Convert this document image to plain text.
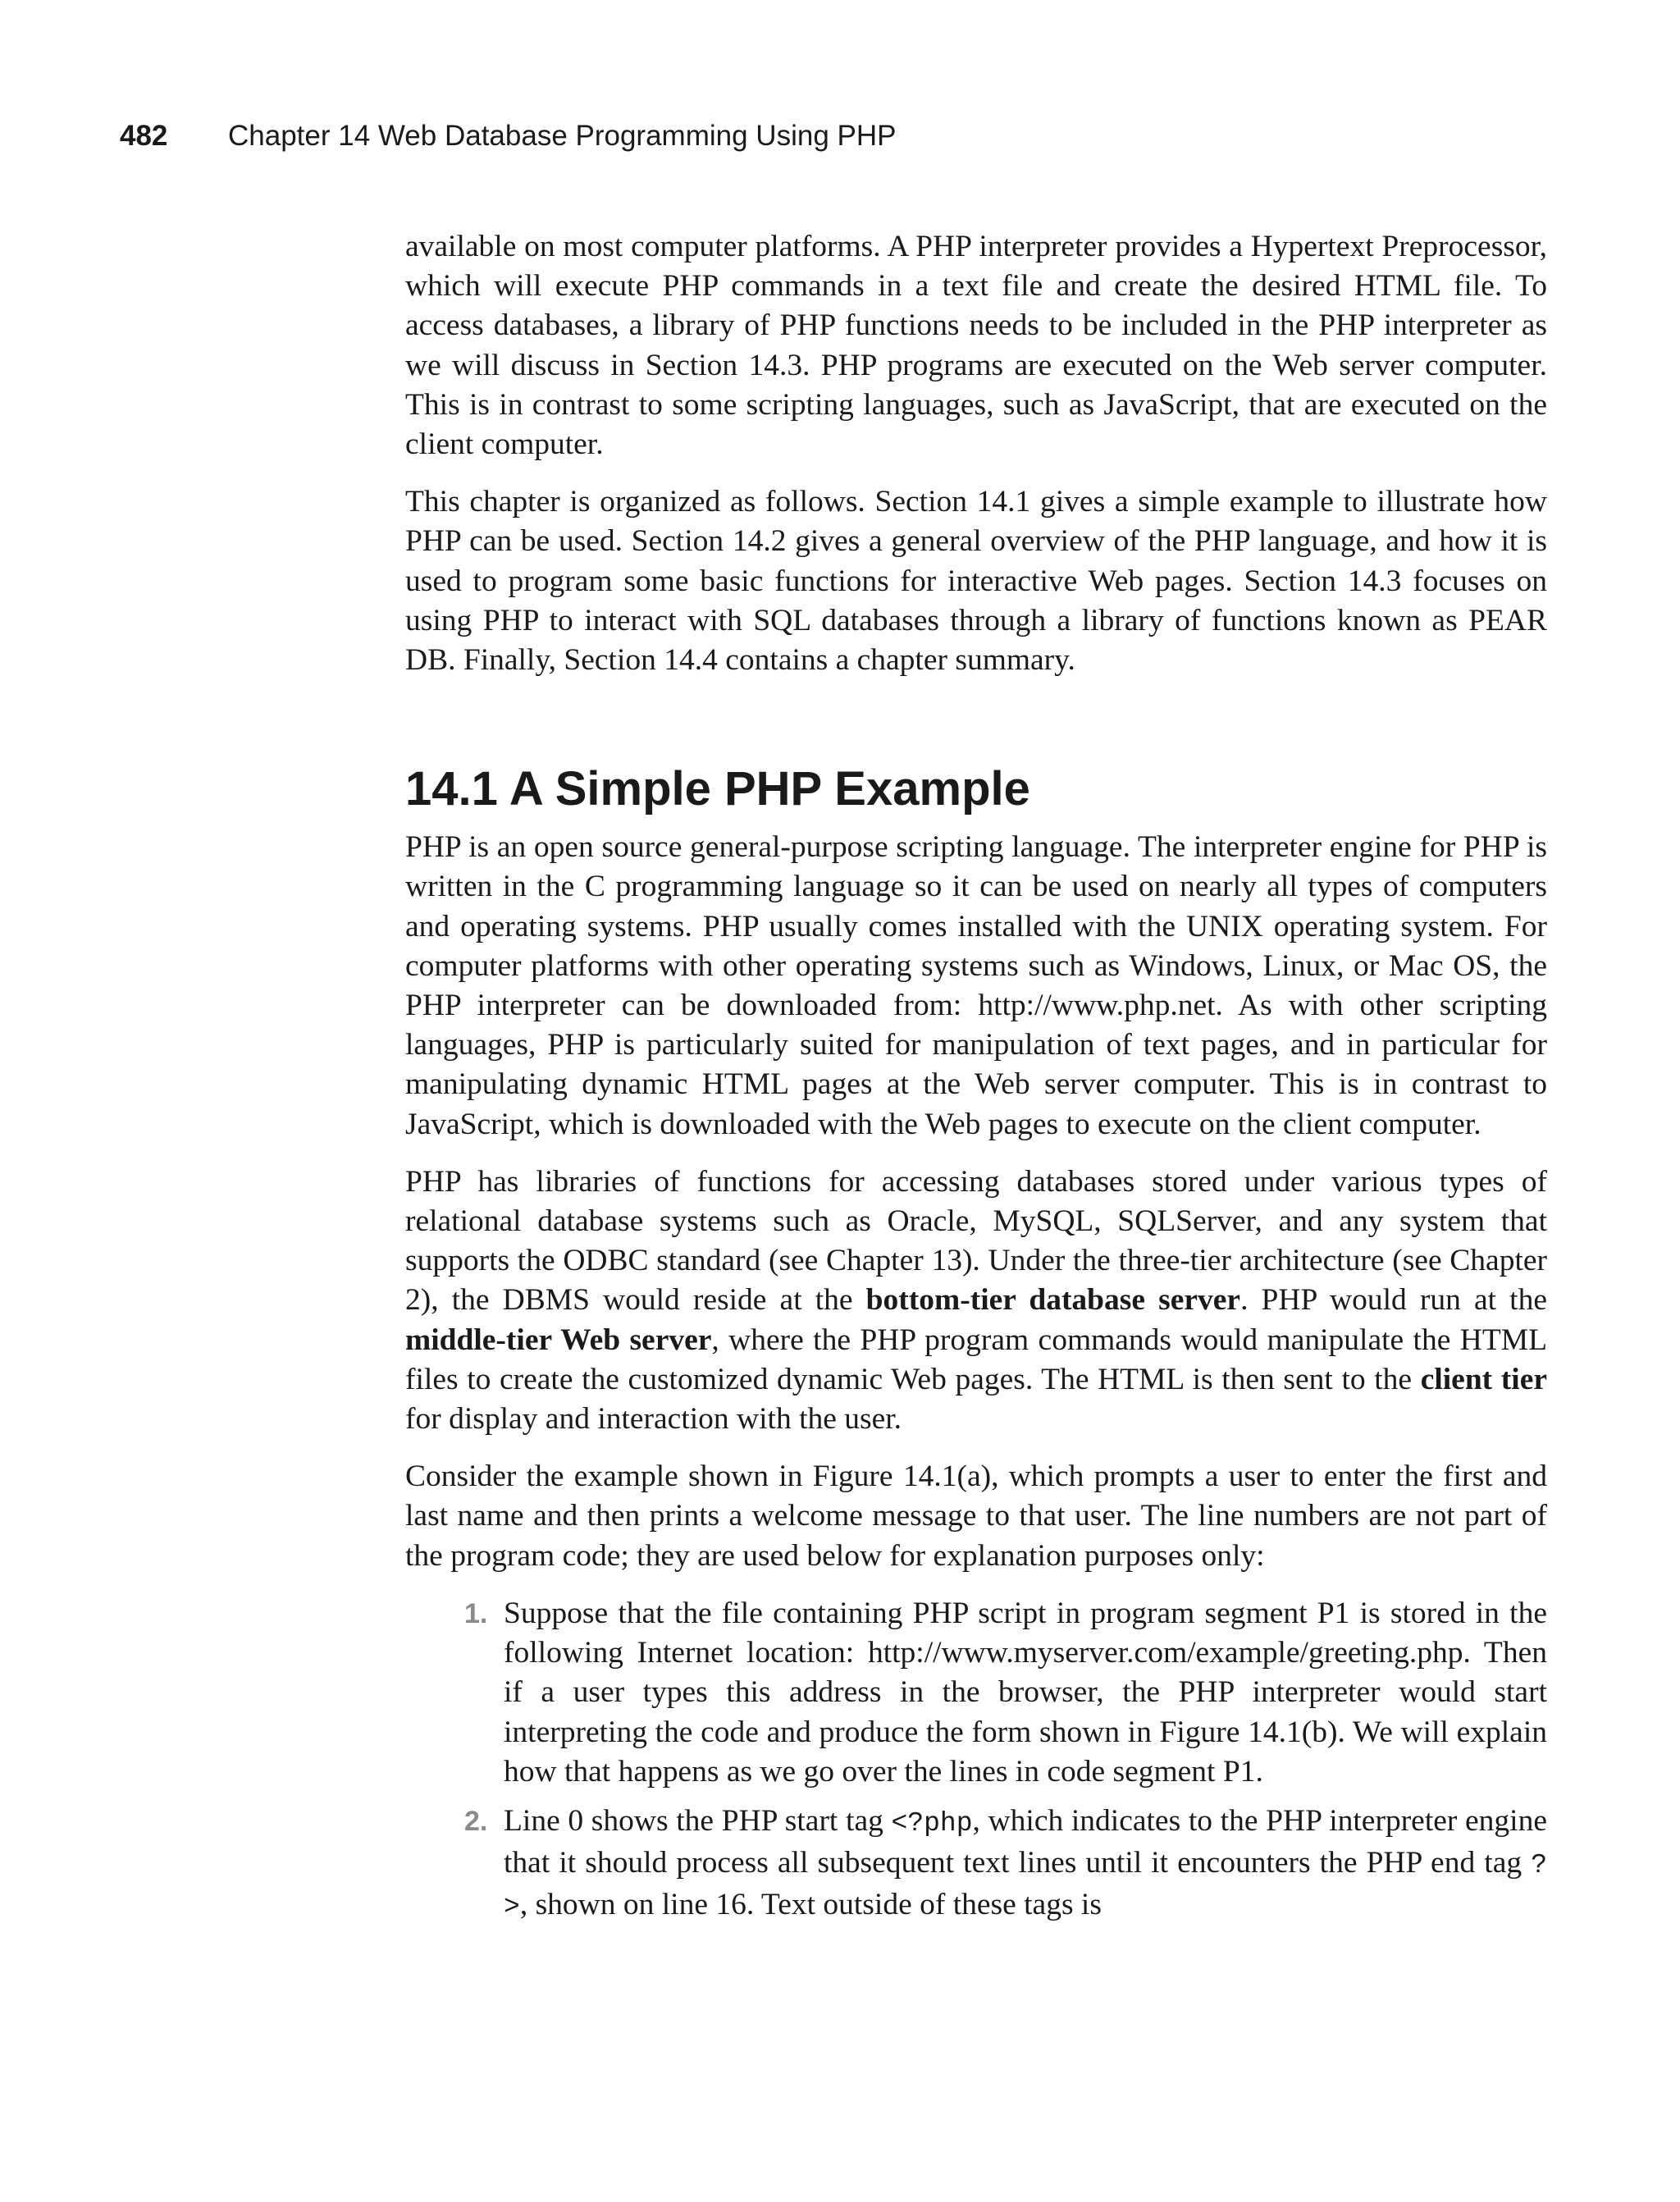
482 Chapter 14 Web Database Programming Using PHP

available on most computer platforms. A PHP interpreter provides a Hypertext Preprocessor, which will execute PHP commands in a text file and create the desired HTML file. To access databases, a library of PHP functions needs to be included in the PHP interpreter as we will discuss in Section 14.3. PHP programs are executed on the Web server computer. This is in contrast to some scripting languages, such as JavaScript, that are executed on the client computer.

This chapter is organized as follows. Section 14.1 gives a simple example to illustrate how PHP can be used. Section 14.2 gives a general overview of the PHP language, and how it is used to program some basic functions for interactive Web pages. Section 14.3 focuses on using PHP to interact with SQL databases through a library of functions known as PEAR DB. Finally, Section 14.4 contains a chapter summary.

14.1 A Simple PHP Example

PHP is an open source general-purpose scripting language. The interpreter engine for PHP is written in the C programming language so it can be used on nearly all types of computers and operating systems. PHP usually comes installed with the UNIX operating system. For computer platforms with other operating systems such as Windows, Linux, or Mac OS, the PHP interpreter can be downloaded from: http://www.php.net. As with other scripting languages, PHP is particularly suited for manipulation of text pages, and in particular for manipulating dynamic HTML pages at the Web server computer. This is in contrast to JavaScript, which is downloaded with the Web pages to execute on the client computer.

PHP has libraries of functions for accessing databases stored under various types of relational database systems such as Oracle, MySQL, SQLServer, and any system that supports the ODBC standard (see Chapter 13). Under the three-tier architecture (see Chapter 2), the DBMS would reside at the bottom-tier database server. PHP would run at the middle-tier Web server, where the PHP program commands would manipulate the HTML files to create the customized dynamic Web pages. The HTML is then sent to the client tier for display and interaction with the user.

Consider the example shown in Figure 14.1(a), which prompts a user to enter the first and last name and then prints a welcome message to that user. The line numbers are not part of the program code; they are used below for explanation purposes only:

1. Suppose that the file containing PHP script in program segment P1 is stored in the following Internet location: http://www.myserver.com/example/greeting.php. Then if a user types this address in the browser, the PHP interpreter would start interpreting the code and produce the form shown in Figure 14.1(b). We will explain how that happens as we go over the lines in code segment P1.

2. Line 0 shows the PHP start tag <?php, which indicates to the PHP interpreter engine that it should process all subsequent text lines until it encounters the PHP end tag ?>, shown on line 16. Text outside of these tags is
